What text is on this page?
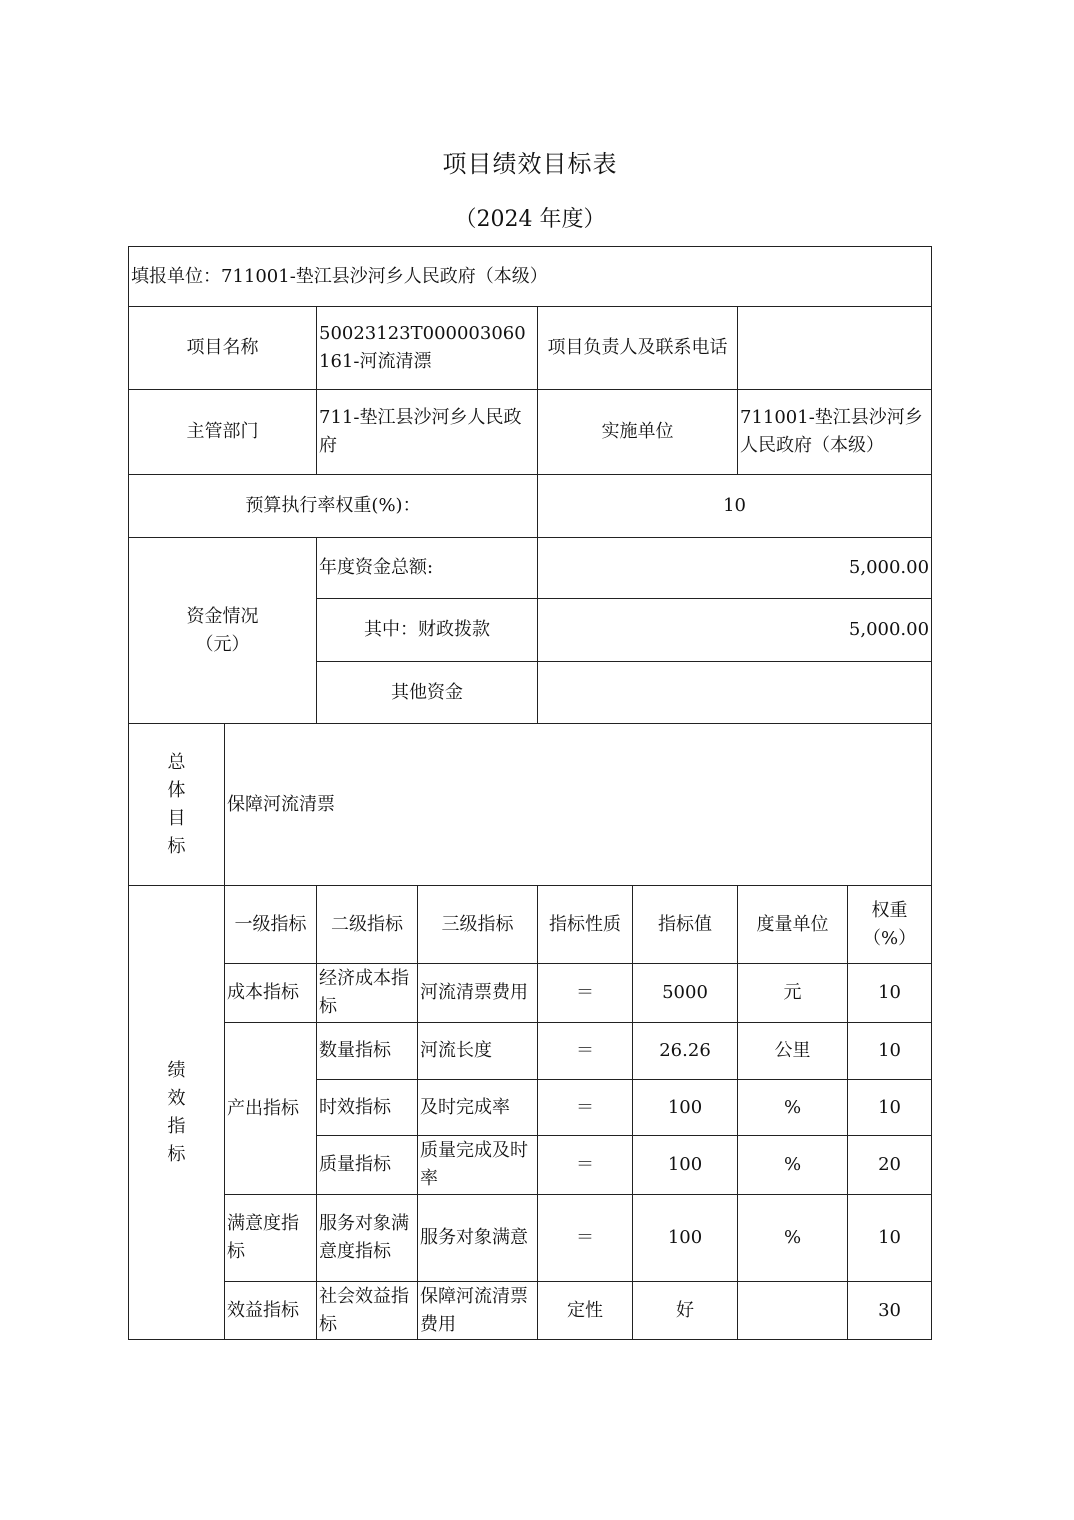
项目绩效目标表
（2024 年度）
填报单位：711001-垫江县沙河乡人民政府（本级）							
项目名称		50023123T000003060161-河流清漂		项目负责人及联系电话			
主管部门		711-垫江县沙河乡人民政府		实施单位		711001-垫江县沙河乡人民政府（本级）	
预算执行率权重(%)：				10			
资金情况（元）		年度资金总额:		5,000.00			
		其中：财政拨款		5,000.00			
		其他资金					
总体目标	保障河流清票						
绩效指标	一级指标	二级指标	三级指标	指标性质	指标值	度量单位	权重（%）
	成本指标	经济成本指标	河流清票费用	＝	5000	元	10
	产出指标	数量指标	河流长度	＝	26.26	公里	10
		时效指标	及时完成率	＝	100	%	10
		质量指标	质量完成及时率	＝	100	%	20
	满意度指标	服务对象满意度指标	服务对象满意	＝	100	%	10
	效益指标	社会效益指标	保障河流清票费用	定性	好		30
